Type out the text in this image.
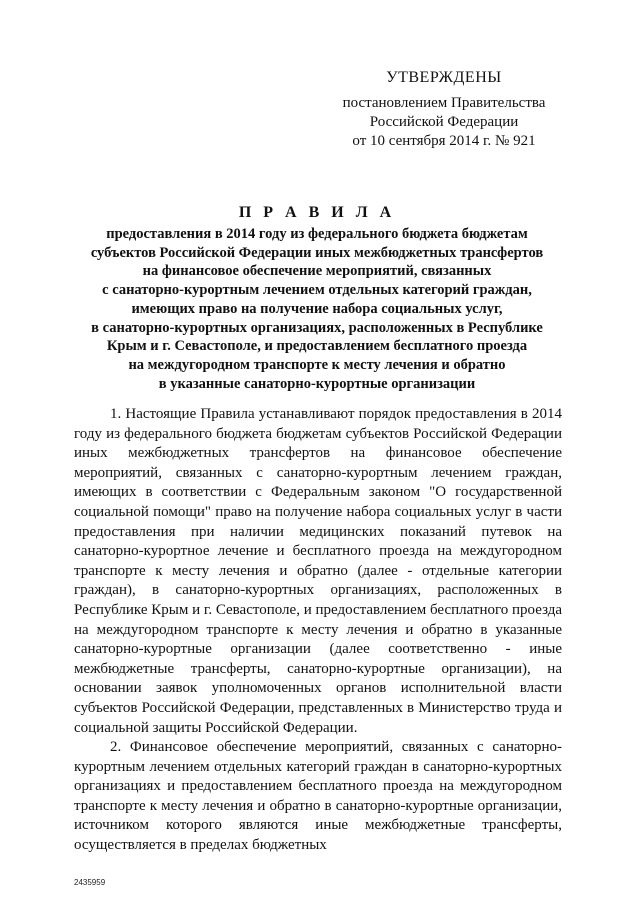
УТВЕРЖДЕНЫ
постановлением Правительства
Российской Федерации
от 10 сентября 2014 г. № 921
П Р А В И Л А
предоставления в 2014 году из федерального бюджета бюджетам
субъектов Российской Федерации иных межбюджетных трансфертов
на финансовое обеспечение мероприятий, связанных
с санаторно-курортным лечением отдельных категорий граждан,
имеющих право на получение набора социальных услуг,
в санаторно-курортных организациях, расположенных в Республике
Крым и г. Севастополе, и предоставлением бесплатного проезда
на междугородном транспорте к месту лечения и обратно
в указанные санаторно-курортные организации

1. Настоящие Правила устанавливают порядок предоставления в 2014 году из федерального бюджета бюджетам субъектов Российской Федерации иных межбюджетных трансфертов на финансовое обеспечение мероприятий, связанных с санаторно-курортным лечением граждан, имеющих в соответствии с Федеральным законом "О государственной социальной помощи" право на получение набора социальных услуг в части предоставления при наличии медицинских показаний путевок на санаторно-курортное лечение и бесплатного проезда на междугородном транспорте к месту лечения и обратно (далее - отдельные категории граждан), в санаторно-курортных организациях, расположенных в Республике Крым и г. Севастополе, и предоставлением бесплатного проезда на междугородном транспорте к месту лечения и обратно в указанные санаторно-курортные организации (далее соответственно - иные межбюджетные трансферты, санаторно-курортные организации), на основании заявок уполномоченных органов исполнительной власти субъектов Российской Федерации, представленных в Министерство труда и социальной защиты Российской Федерации.

2. Финансовое обеспечение мероприятий, связанных с санаторно-курортным лечением отдельных категорий граждан в санаторно-курортных организациях и предоставлением бесплатного проезда на междугородном транспорте к месту лечения и обратно в санаторно-курортные организации, источником которого являются иные межбюджетные трансферты, осуществляется в пределах бюджетных

2435959
